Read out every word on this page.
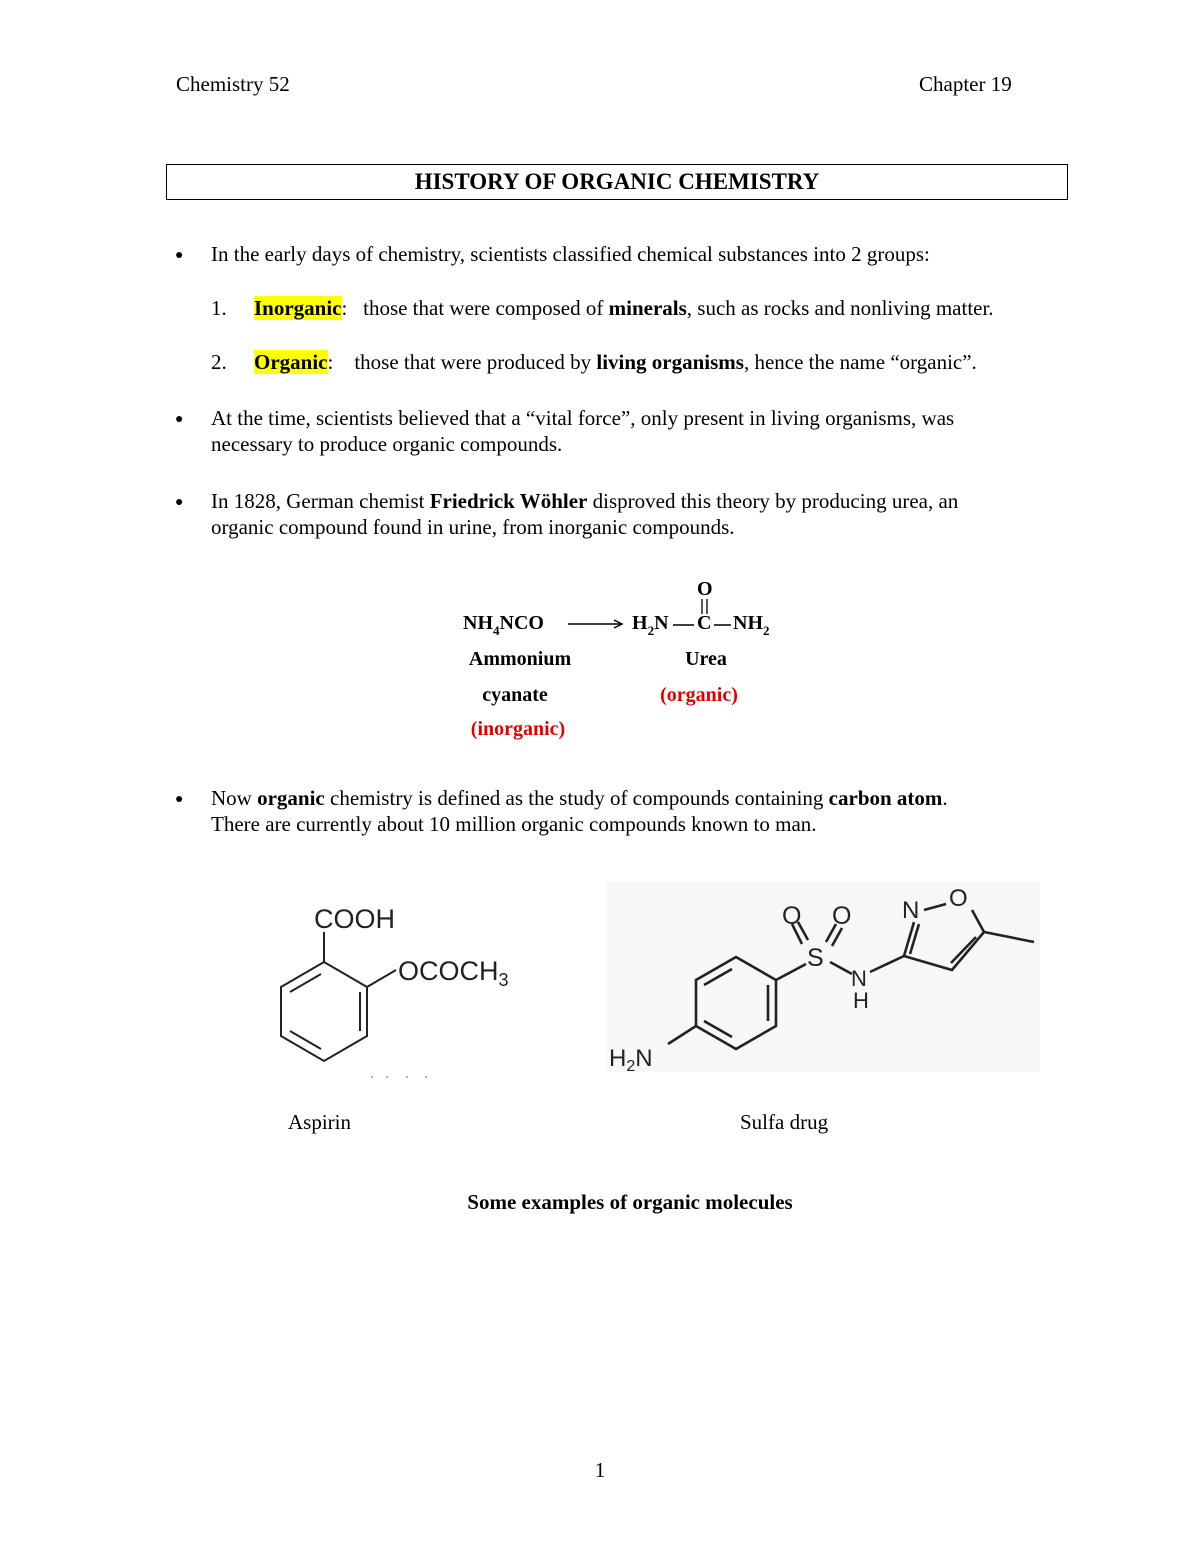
Chemistry 52	Chapter 19
HISTORY OF ORGANIC CHEMISTRY
● In the early days of chemistry, scientists classified chemical substances into 2 groups:
1. Inorganic: those that were composed of minerals, such as rocks and nonliving matter.
2. Organic: those that were produced by living organisms, hence the name “organic”.
● At the time, scientists believed that a “vital force”, only present in living organisms, was
necessary to produce organic compounds.
● In 1828, German chemist Friedrick Wöhler disproved this theory by producing urea, an
organic compound found in urine, from inorganic compounds.
$NH_4NCO \to H_2N$ C $NH_2$
O
Ammonium
cyanate
(inorganic)
Urea
(organic)
● Now organic chemistry is defined as the study of compounds containing carbon atom.
There are currently about 10 million organic compounds known to man.
COOH
$OCOCH_3$
O O
S
N
H
N O
$H_2N$
Aspirin	Sulfa drug
Some examples of organic molecules
1
